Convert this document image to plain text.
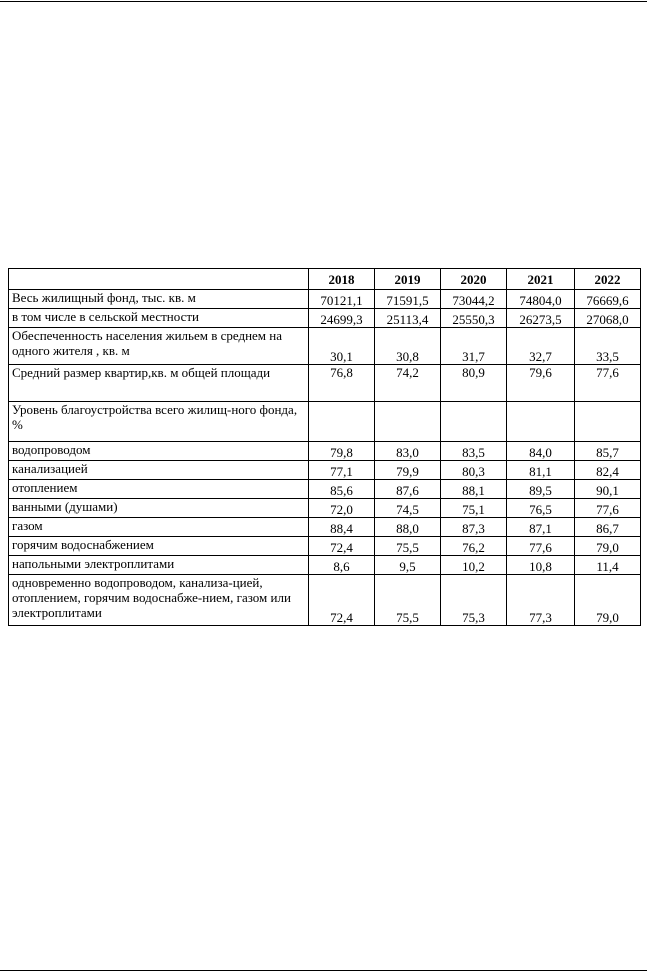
	2018	2019	2020	2021	2022
Весь жилищный фонд, тыс. кв. м	70121,1	71591,5	73044,2	74804,0	76669,6
в том числе в сельской местности	24699,3	25113,4	25550,3	26273,5	27068,0
Обеспеченность населения жильем в среднем на одного жителя , кв. м	30,1	30,8	31,7	32,7	33,5
Средний размер квартир,кв. м общей площади	76,8	74,2	80,9	79,6	77,6
Уровень благоустройства всего жилищ-ного фонда, %					
водопроводом	79,8	83,0	83,5	84,0	85,7
канализацией	77,1	79,9	80,3	81,1	82,4
отоплением	85,6	87,6	88,1	89,5	90,1
ванными (душами)	72,0	74,5	75,1	76,5	77,6
газом	88,4	88,0	87,3	87,1	86,7
горячим водоснабжением	72,4	75,5	76,2	77,6	79,0
напольными электроплитами	8,6	9,5	10,2	10,8	11,4
одновременно водопроводом, канализа-цией, отоплением, горячим водоснабже-нием, газом или электроплитами	72,4	75,5	75,3	77,3	79,0
